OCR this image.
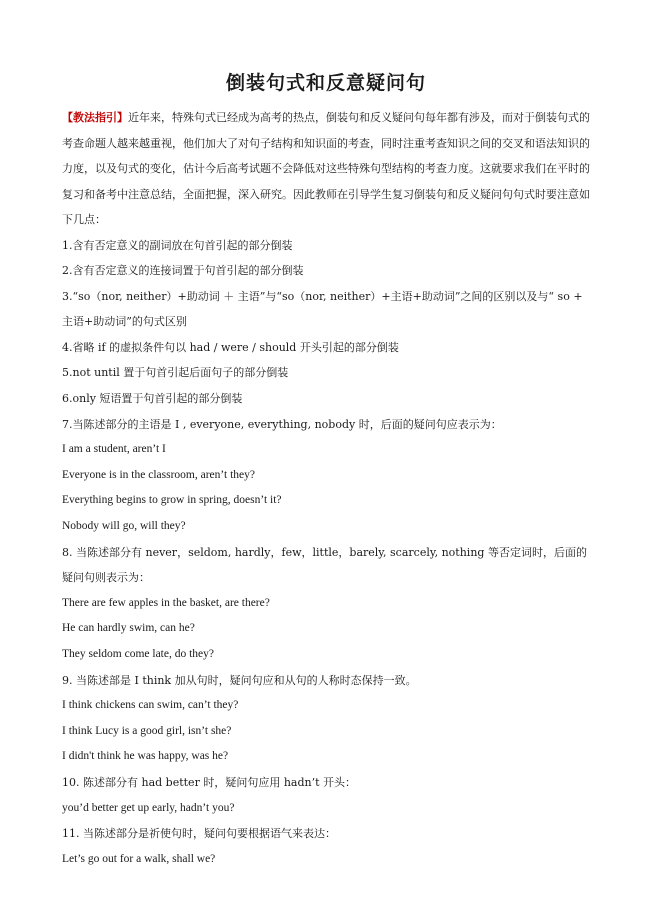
倒装句式和反意疑问句

【教法指引】近年来，特殊句式已经成为高考的热点，倒装句和反义疑问句每年都有涉及，而对于倒装句式的考查命题人越来越重视，他们加大了对句子结构和知识面的考查，同时注重考查知识之间的交叉和语法知识的力度，以及句式的变化，估计今后高考试题不会降低对这些特殊句型结构的考查力度。这就要求我们在平时的复习和备考中注意总结，全面把握，深入研究。因此教师在引导学生复习倒装句和反义疑问句句式时要注意如下几点：

1.含有否定意义的副词放在句首引起的部分倒装

2.含有否定意义的连接词置于句首引起的部分倒装

3.“so（nor, neither）+助动词 ＋ 主语”与“so（nor, neither）+主语+助动词”之间的区别以及与“ so + 主语+助动词”的句式区别

4.省略 if 的虚拟条件句以 had / were / should 开头引起的部分倒装

5.not until 置于句首引起后面句子的部分倒装

6.only 短语置于句首引起的部分倒装

7.当陈述部分的主语是 I , everyone, everything, nobody 时，后面的疑问句应表示为：

I am a student, aren’t I

Everyone is in the classroom, aren’t they?

Everything begins to grow in spring, doesn’t it?

Nobody will go, will they?

8. 当陈述部分有 never，seldom, hardly，few，little，barely, scarcely, nothing 等否定词时，后面的疑问句则表示为：

There are few apples in the basket, are there?

He can hardly swim, can he?

They seldom come late, do they?

9. 当陈述部是 I think 加从句时，疑问句应和从句的人称时态保持一致。

I think chickens can swim, can’t they?

I think Lucy is a good girl, isn’t she?

I didn't think he was happy, was he?

10. 陈述部分有 had better 时，疑问句应用 hadn’t 开头：

you’d better get up early, hadn’t you?

11. 当陈述部分是祈使句时，疑问句要根据语气来表达：

Let’s go out for a walk, shall we?
